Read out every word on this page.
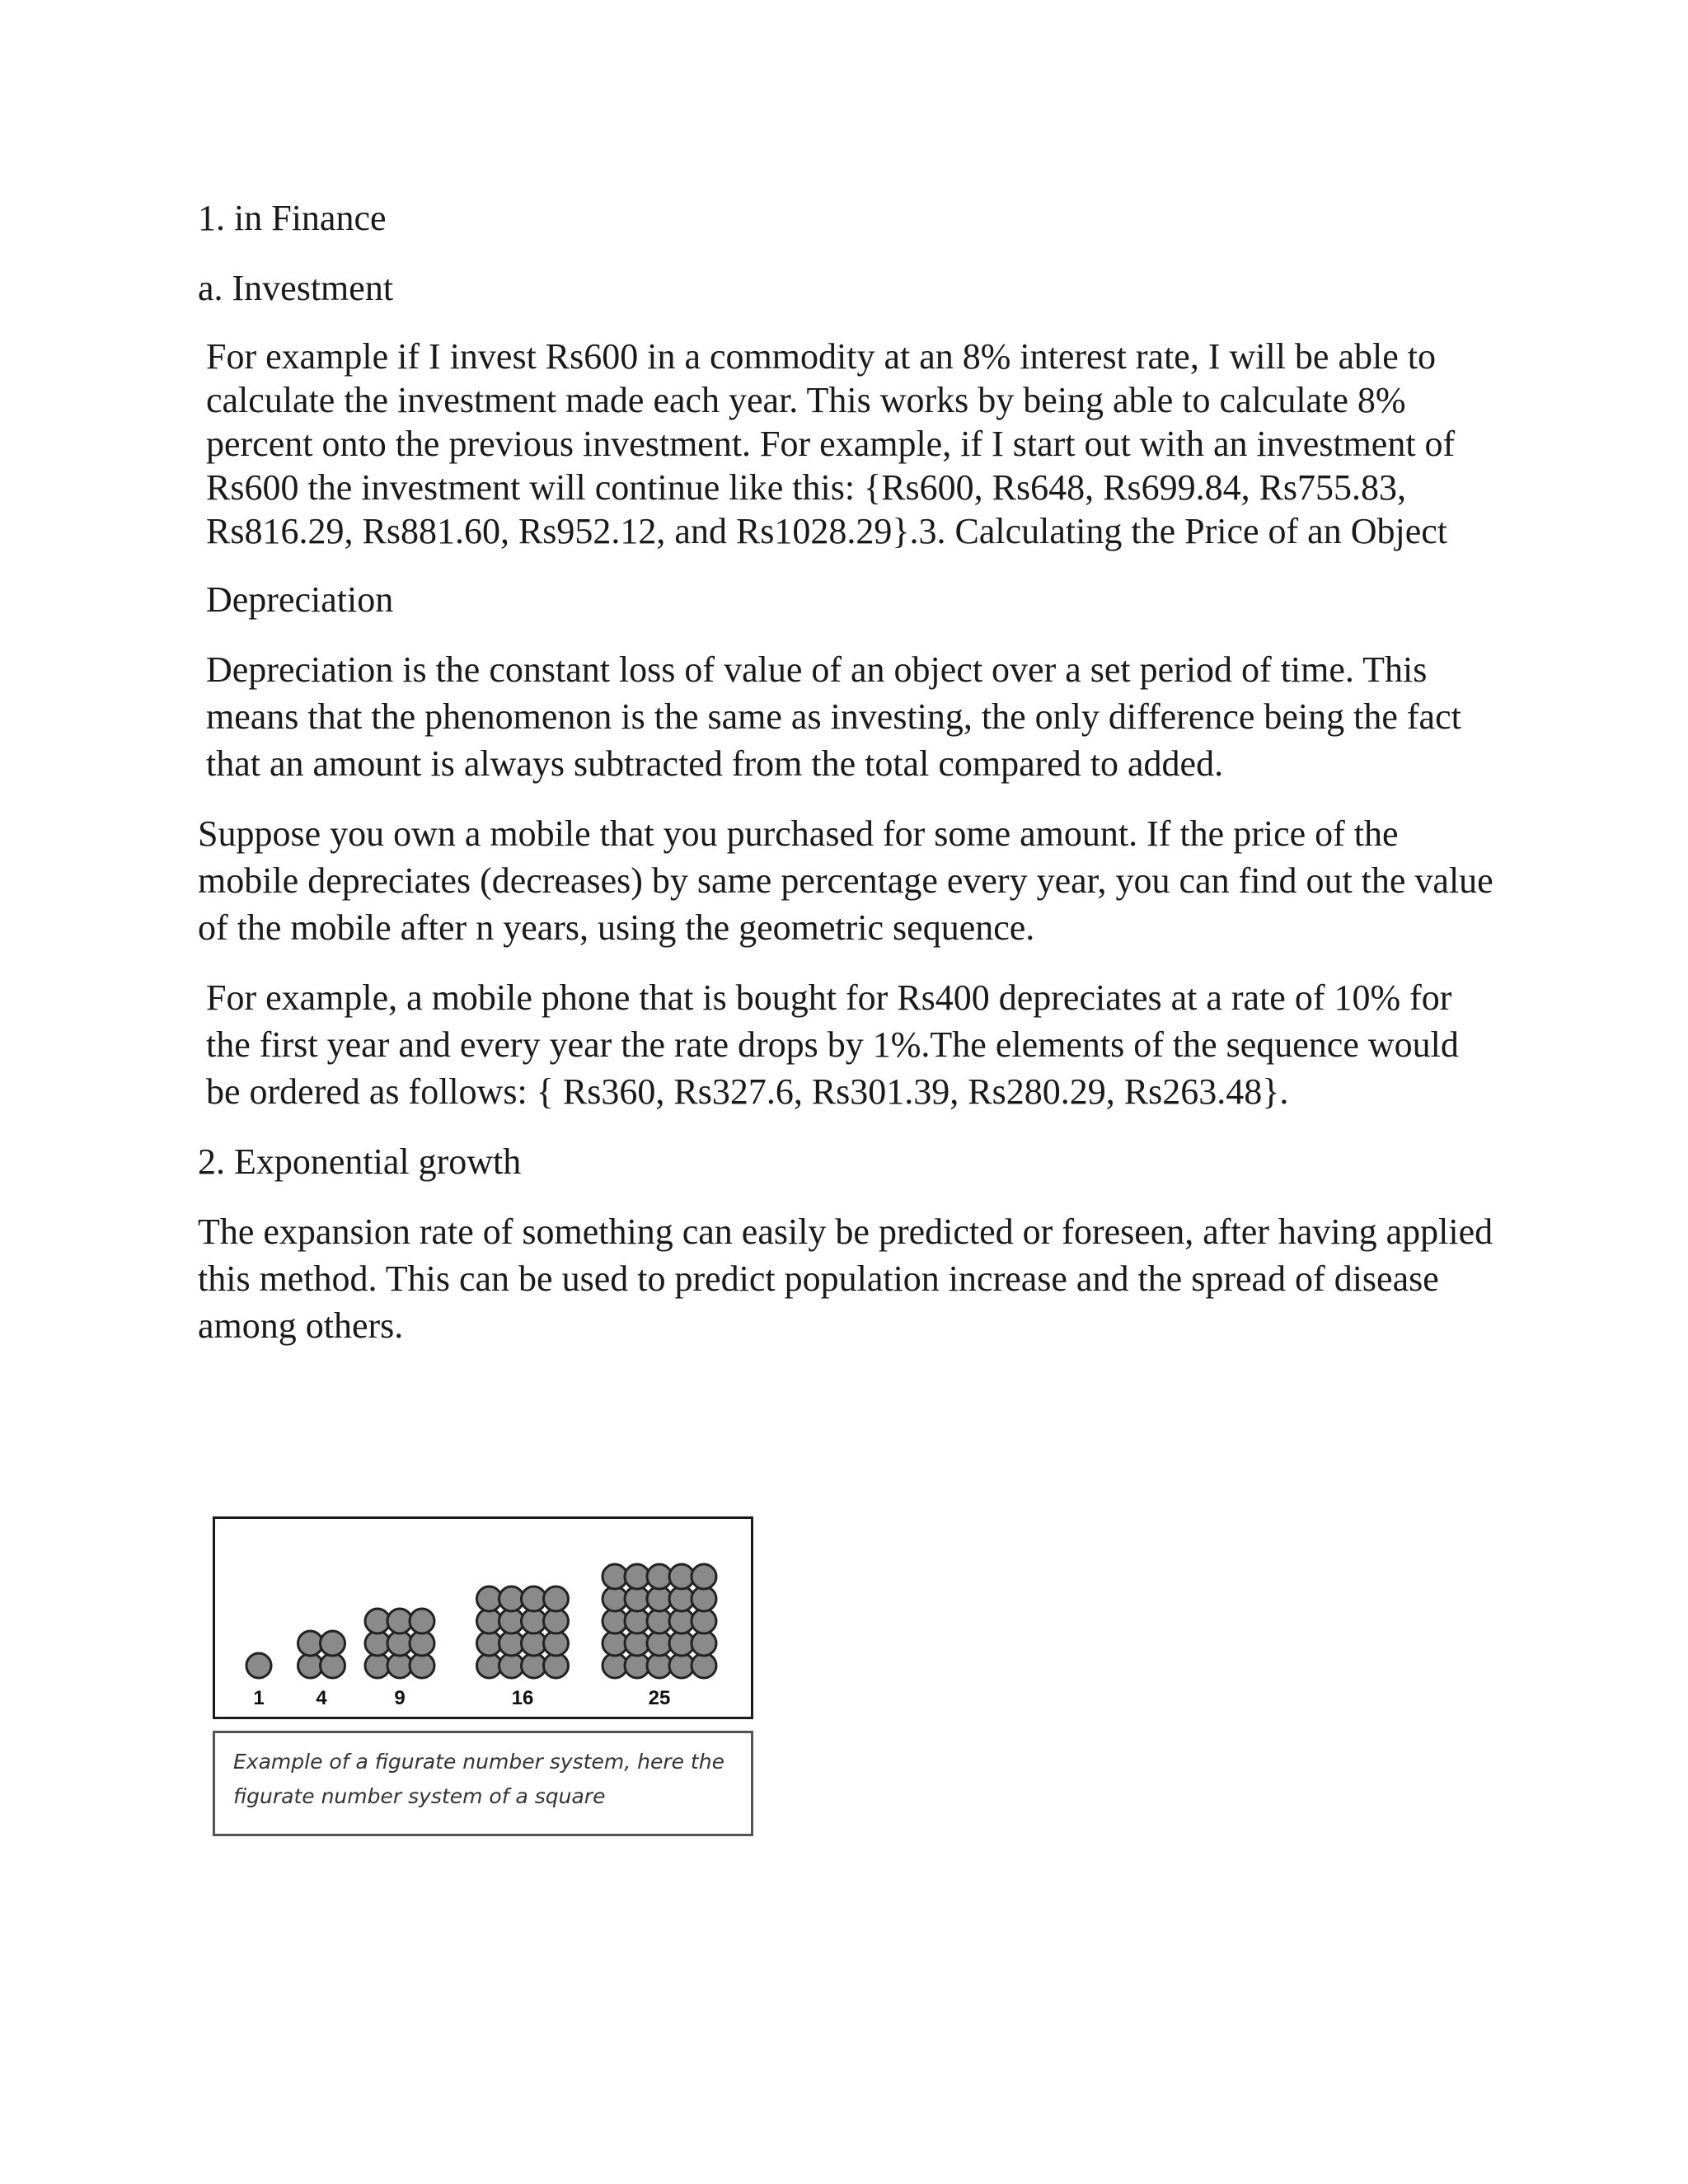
1. in Finance

a. Investment

For example if I invest Rs600 in a commodity at an 8% interest rate, I will be able to calculate the investment made each year. This works by being able to calculate 8% percent onto the previous investment. For example, if I start out with an investment of Rs600 the investment will continue like this: {Rs600, Rs648, Rs699.84, Rs755.83, Rs816.29, Rs881.60, Rs952.12, and Rs1028.29}.3. Calculating the Price of an Object

Depreciation

Depreciation is the constant loss of value of an object over a set period of time. This means that the phenomenon is the same as investing, the only difference being the fact that an amount is always subtracted from the total compared to added.

Suppose you own a mobile that you purchased for some amount. If the price of the mobile depreciates (decreases) by same percentage every year, you can find out the value of the mobile after n years, using the geometric sequence.

For example, a mobile phone that is bought for Rs400 depreciates at a rate of 10% for the first year and every year the rate drops by 1%.The elements of the sequence would be ordered as follows: { Rs360, Rs327.6, Rs301.39, Rs280.29, Rs263.48}.

2. Exponential growth

The expansion rate of something can easily be predicted or foreseen, after having applied this method. This can be used to predict population increase and the spread of disease among others.

1	4	9	16	25
Example of a figurate number system, here the figurate number system of a square
